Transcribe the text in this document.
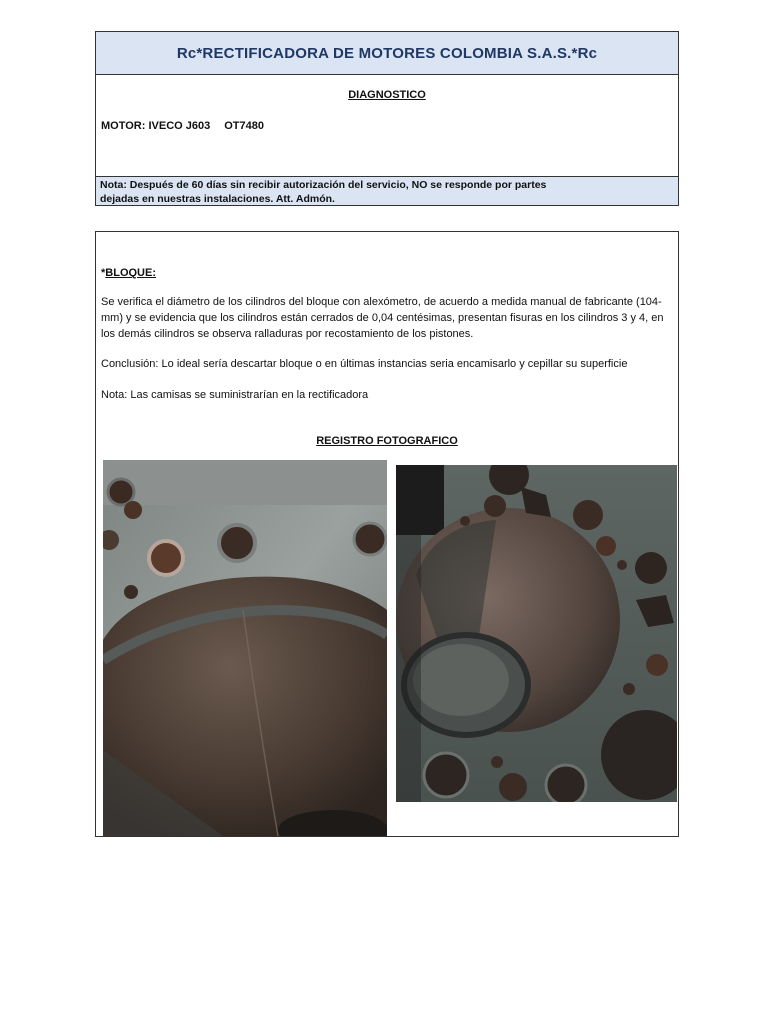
Rc*RECTIFICADORA DE MOTORES COLOMBIA S.A.S.*Rc
DIAGNOSTICO
MOTOR: IVECO J603 OT7480
Nota: Después de 60 días sin recibir autorización del servicio, NO se responde por partes
dejadas en nuestras instalaciones. Att. Admón.
*BLOQUE:
Se verifica el diámetro de los cilindros del bloque con alexómetro, de acuerdo a medida manual de fabricante (104-mm) y se evidencia que los cilindros están cerrados de 0,04 centésimas, presentan fisuras en los cilindros 3 y 4, en los demás cilindros se observa ralladuras por recostamiento de los pistones.
Conclusión: Lo ideal sería descartar bloque o en últimas instancias seria encamisarlo y cepillar su superficie
Nota: Las camisas se suministrarían en la rectificadora
REGISTRO FOTOGRAFICO
